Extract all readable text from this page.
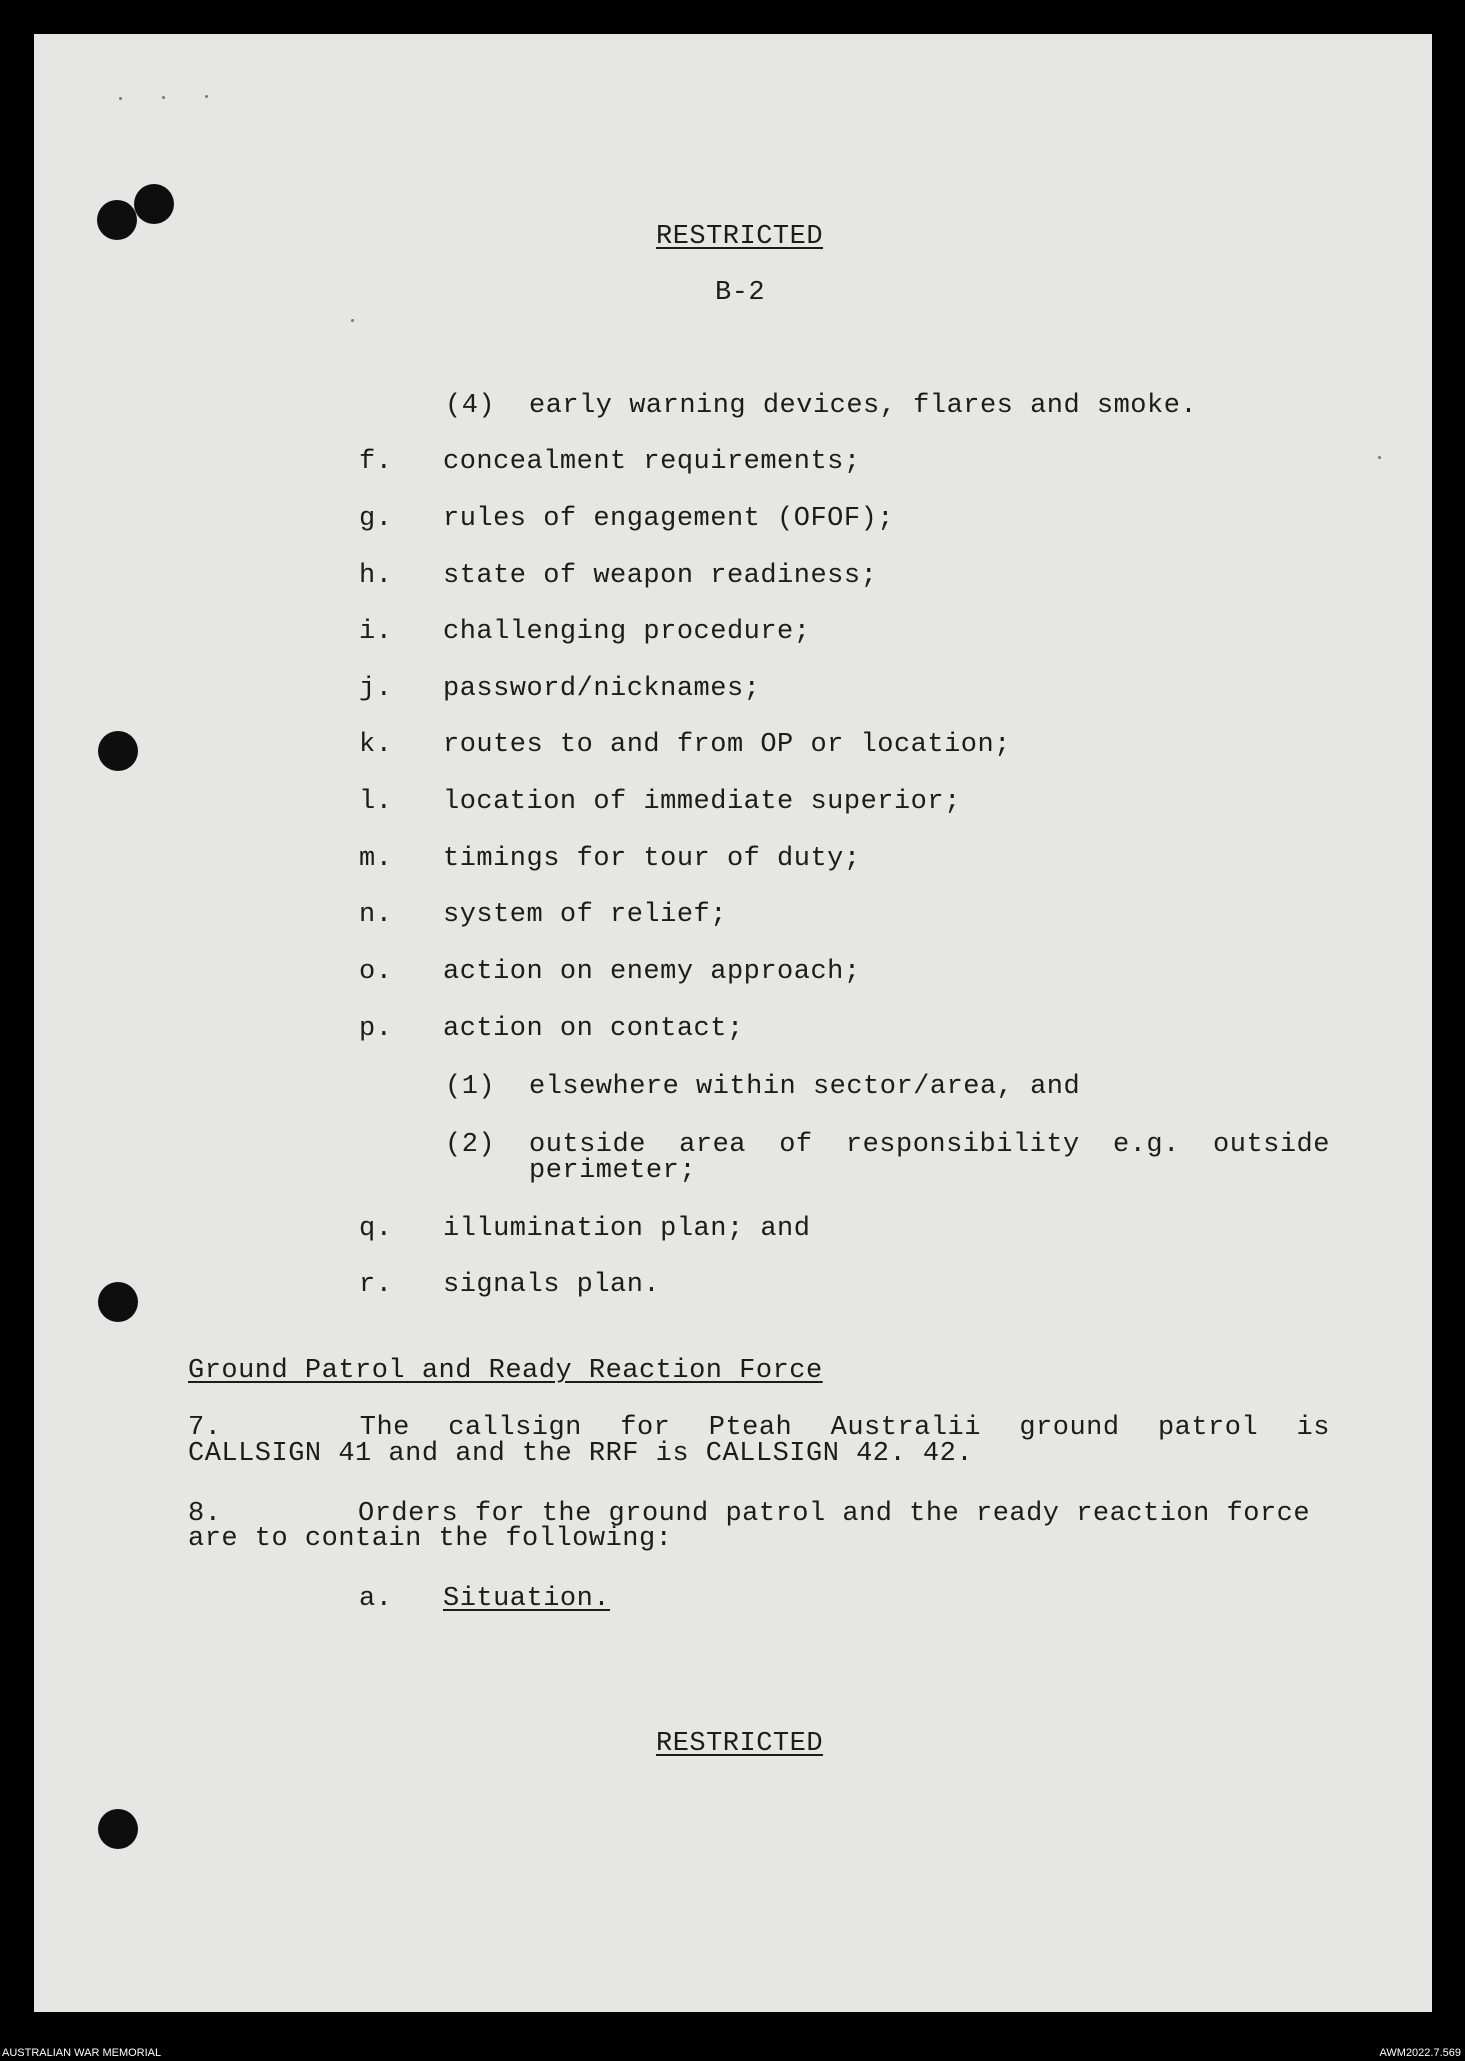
RESTRICTED
B-2
(4) early warning devices, flares and smoke.
f. concealment requirements;
g. rules of engagement (OFOF);
h. state of weapon readiness;
i. challenging procedure;
j. password/nicknames;
k. routes to and from OP or location;
l. location of immediate superior;
m. timings for tour of duty;
n. system of relief;
o. action on enemy approach;
p. action on contact;
(1) elsewhere within sector/area, and
(2) outside area of responsibility e.g. outside
perimeter;
q. illumination plan; and
r. signals plan.
Ground Patrol and Ready Reaction Force
7.	The callsign for Pteah Australii ground patrol is
CALLSIGN 41 and and the RRF is CALLSIGN 42. 42.
8.	Orders for the ground patrol and the ready reaction force
are to contain the following:
a. Situation.
RESTRICTED
AUSTRALIAN WAR MEMORIAL	AWM2022.7.569
